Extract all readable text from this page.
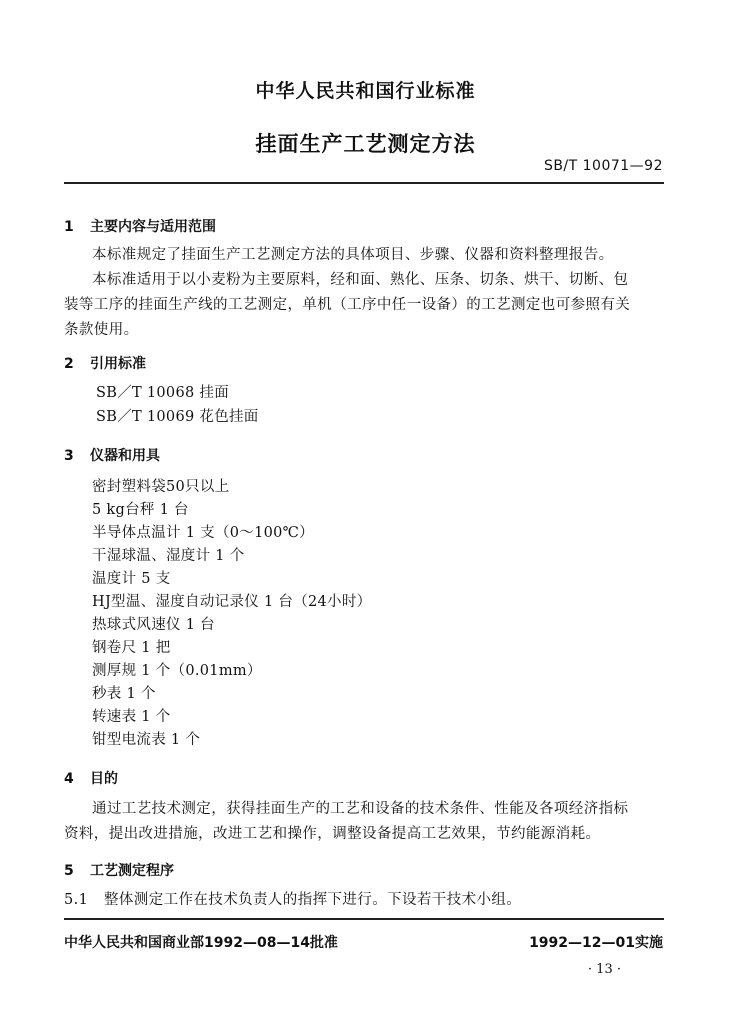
中华人民共和国行业标准
挂面生产工艺测定方法
SB/T 10071—92
1 主要内容与适用范围
本标准规定了挂面生产工艺测定方法的具体项目、步骤、仪器和资料整理报告。
本标准适用于以小麦粉为主要原料，经和面、熟化、压条、切条、烘干、切断、包
装等工序的挂面生产线的工艺测定，单机（工序中任一设备）的工艺测定也可参照有关
条款使用。
2 引用标准
SB／T 10068 挂面
SB／T 10069 花色挂面
3 仪器和用具
密封塑料袋50只以上
5 kg台秤 1 台
半导体点温计 1 支（0～100℃）
干湿球温、湿度计 1 个
温度计 5 支
HJ型温、湿度自动记录仪 1 台（24小时）
热球式风速仪 1 台
钢卷尺 1 把
测厚规 1 个（0.01mm）
秒表 1 个
转速表 1 个
钳型电流表 1 个
4 目的
通过工艺技术测定，获得挂面生产的工艺和设备的技术条件、性能及各项经济指标
资料，提出改进措施，改进工艺和操作，调整设备提高工艺效果，节约能源消耗。
5 工艺测定程序
5.1 整体测定工作在技术负责人的指挥下进行。下设若干技术小组。
中华人民共和国商业部1992—08—14批准	1992—12—01实施
· 13 ·
